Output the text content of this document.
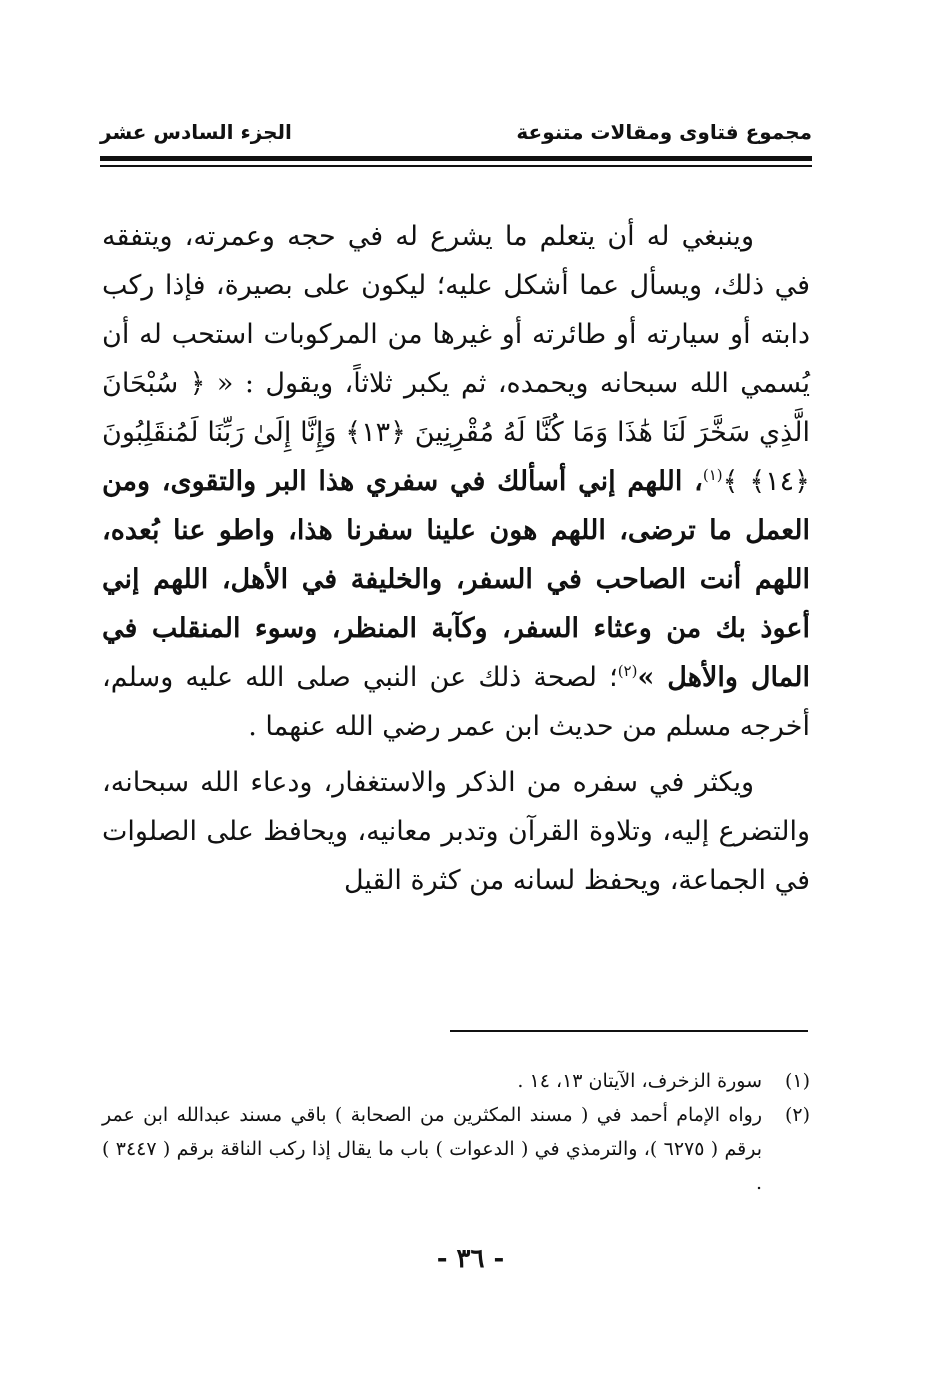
مجموع فتاوى ومقالات متنوعة
الجزء السادس عشر

وينبغي له أن يتعلم ما يشرع له في حجه وعمرته، ويتفقه في ذلك، ويسأل عما أشكل عليه؛ ليكون على بصيرة، فإذا ركب دابته أو سيارته أو طائرته أو غيرها من المركوبات استحب له أن يُسمي الله سبحانه ويحمده، ثم يكبر ثلاثاً، ويقول : « ﴿ سُبْحَانَ الَّذِي سَخَّرَ لَنَا هَٰذَا وَمَا كُنَّا لَهُ مُقْرِنِينَ ﴿١٣﴾ وَإِنَّا إِلَىٰ رَبِّنَا لَمُنقَلِبُونَ ﴿١٤﴾ ﴾$^{(١)}$، اللهم إني أسألك في سفري هذا البر والتقوى، ومن العمل ما ترضى، اللهم هون علينا سفرنا هذا، واطو عنا بُعده، اللهم أنت الصاحب في السفر، والخليفة في الأهل، اللهم إني أعوذ بك من وعثاء السفر، وكآبة المنظر، وسوء المنقلب في المال والأهل »$^{(٢)}$؛ لصحة ذلك عن النبي صلى الله عليه وسلم، أخرجه مسلم من حديث ابن عمر رضي الله عنهما .

ويكثر في سفره من الذكر والاستغفار، ودعاء الله سبحانه، والتضرع إليه، وتلاوة القرآن وتدبر معانيه، ويحافظ على الصلوات في الجماعة، ويحفظ لسانه من كثرة القيل

(١)
سورة الزخرف، الآيتان ١٣، ١٤ .
(٢)
رواه الإمام أحمد في ( مسند المكثرين من الصحابة ) باقي مسند عبدالله ابن عمر برقم ( ٦٢٧٥ )، والترمذي في ( الدعوات ) باب ما يقال إذا ركب الناقة برقم ( ٣٤٤٧ ) .
- ٣٦ -
